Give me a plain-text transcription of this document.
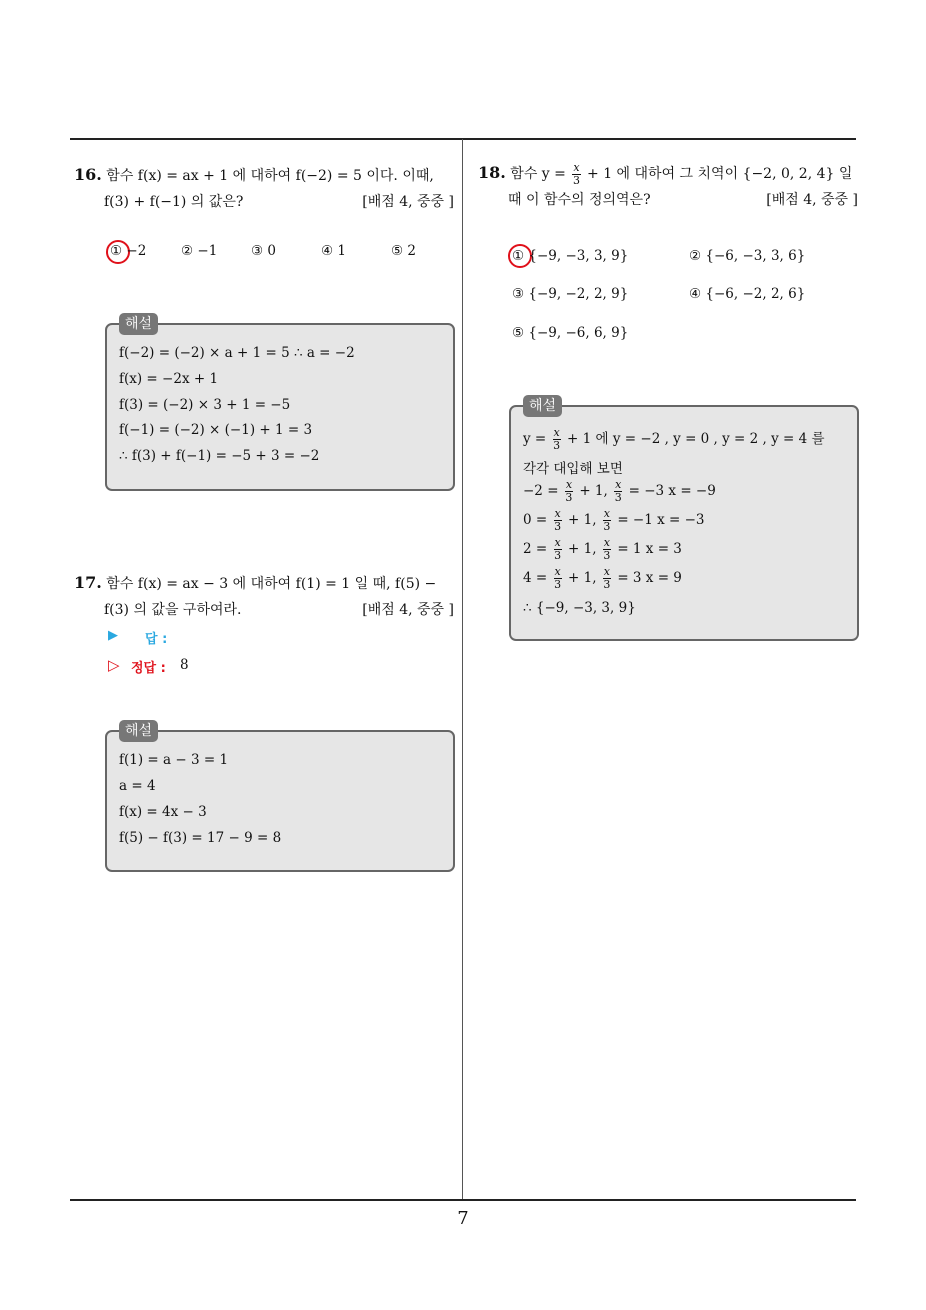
16. 함수 f(x) = ax + 1 에 대하여 f(−2) = 5 이다. 이때,
f(3) + f(−1) 의 값은?	[배점 4, 중중 ]
① −2	② −1 ③ 0	④ 1	⑤ 2
해설
f(−2) = (−2) × a + 1 = 5 ∴ a = −2
f(x) = −2x + 1
f(3) = (−2) × 3 + 1 = −5
f(−1) = (−2) × (−1) + 1 = 3
∴ f(3) + f(−1) = −5 + 3 = −2
17. 함수 f(x) = ax − 3 에 대하여 f(1) = 1 일 때, f(5) −
f(3) 의 값을 구하여라.	[배점 4, 중중 ]
▶ 답 :
▷ 정답 : 8
해설
f(1) = a − 3 = 1
a = 4
f(x) = 4x − 3
f(5) − f(3) = 17 − 9 = 8
18. 함수 $y = \frac{x}{3} + 1$ 에 대하여 그 치역이 {−2, 0, 2, 4} 일
때 이 함수의 정의역은?	[배점 4, 중중 ]
① {−9, −3, 3, 9}	② {−6, −3, 3, 6}
③ {−9, −2, 2, 9}	④ {−6, −2, 2, 6}
⑤ {−9, −6, 6, 9}
해설
$y = \frac{x}{3} + 1$ 에 y = −2 , y = 0 , y = 2 , y = 4 를
각각 대입해 보면
$-2 = \frac{x}{3} + 1$, $\frac{x}{3} = -3$ x = −9
$0 = \frac{x}{3} + 1$, $\frac{x}{3} = -1$ x = −3
$2 = \frac{x}{3} + 1$, $\frac{x}{3} = 1$ x = 3
$4 = \frac{x}{3} + 1$, $\frac{x}{3} = 3$ x = 9
∴ {−9, −3, 3, 9}
7
